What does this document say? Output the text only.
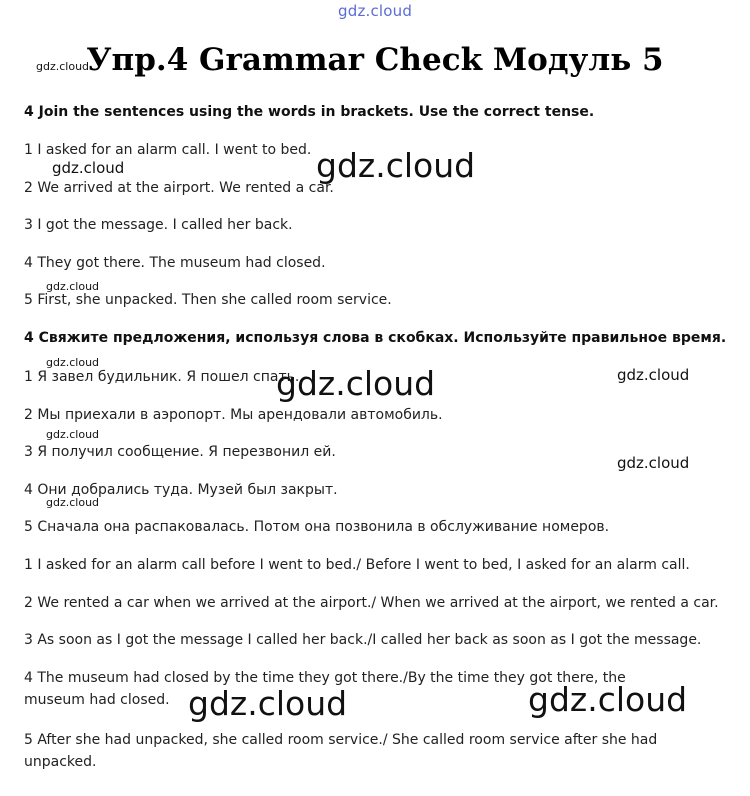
gdz.cloud
gdz.cloud
Упр.4 Grammar Check Модуль 5
4 Join the sentences using the words in brackets. Use the correct tense.
1 I asked for an alarm call. I went to bed.
2 We arrived at the airport. We rented a car.
3 I got the message. I called her back.
4 They got there. The museum had closed.
5 First, she unpacked. Then she called room service.
4 Свяжите предложения, используя слова в скобках. Используйте правильное время.
1 Я завел будильник. Я пошел спать.
2 Мы приехали в аэропорт. Мы арендовали автомобиль.
3 Я получил сообщение. Я перезвонил ей.
4 Они добрались туда. Музей был закрыт.
5 Сначала она распаковалась. Потом она позвонила в обслуживание номеров.
1 I asked for an alarm call before I went to bed./ Before I went to bed, I asked for an alarm call.
2 We rented a car when we arrived at the airport./ When we arrived at the airport, we rented a car.
3 As soon as I got the message I called her back./I called her back as soon as I got the message.
4 The museum had closed by the time they got there./By the time they got there, the museum had closed.
5 After she had unpacked, she called room service./ She called room service after she had unpacked.
gdz.cloud	gdz.cloud
gdz.cloud
gdz.cloud
gdz.cloud	gdz.cloud
gdz.cloud
gdz.cloud
gdz.cloud
gdz.cloud	gdz.cloud
